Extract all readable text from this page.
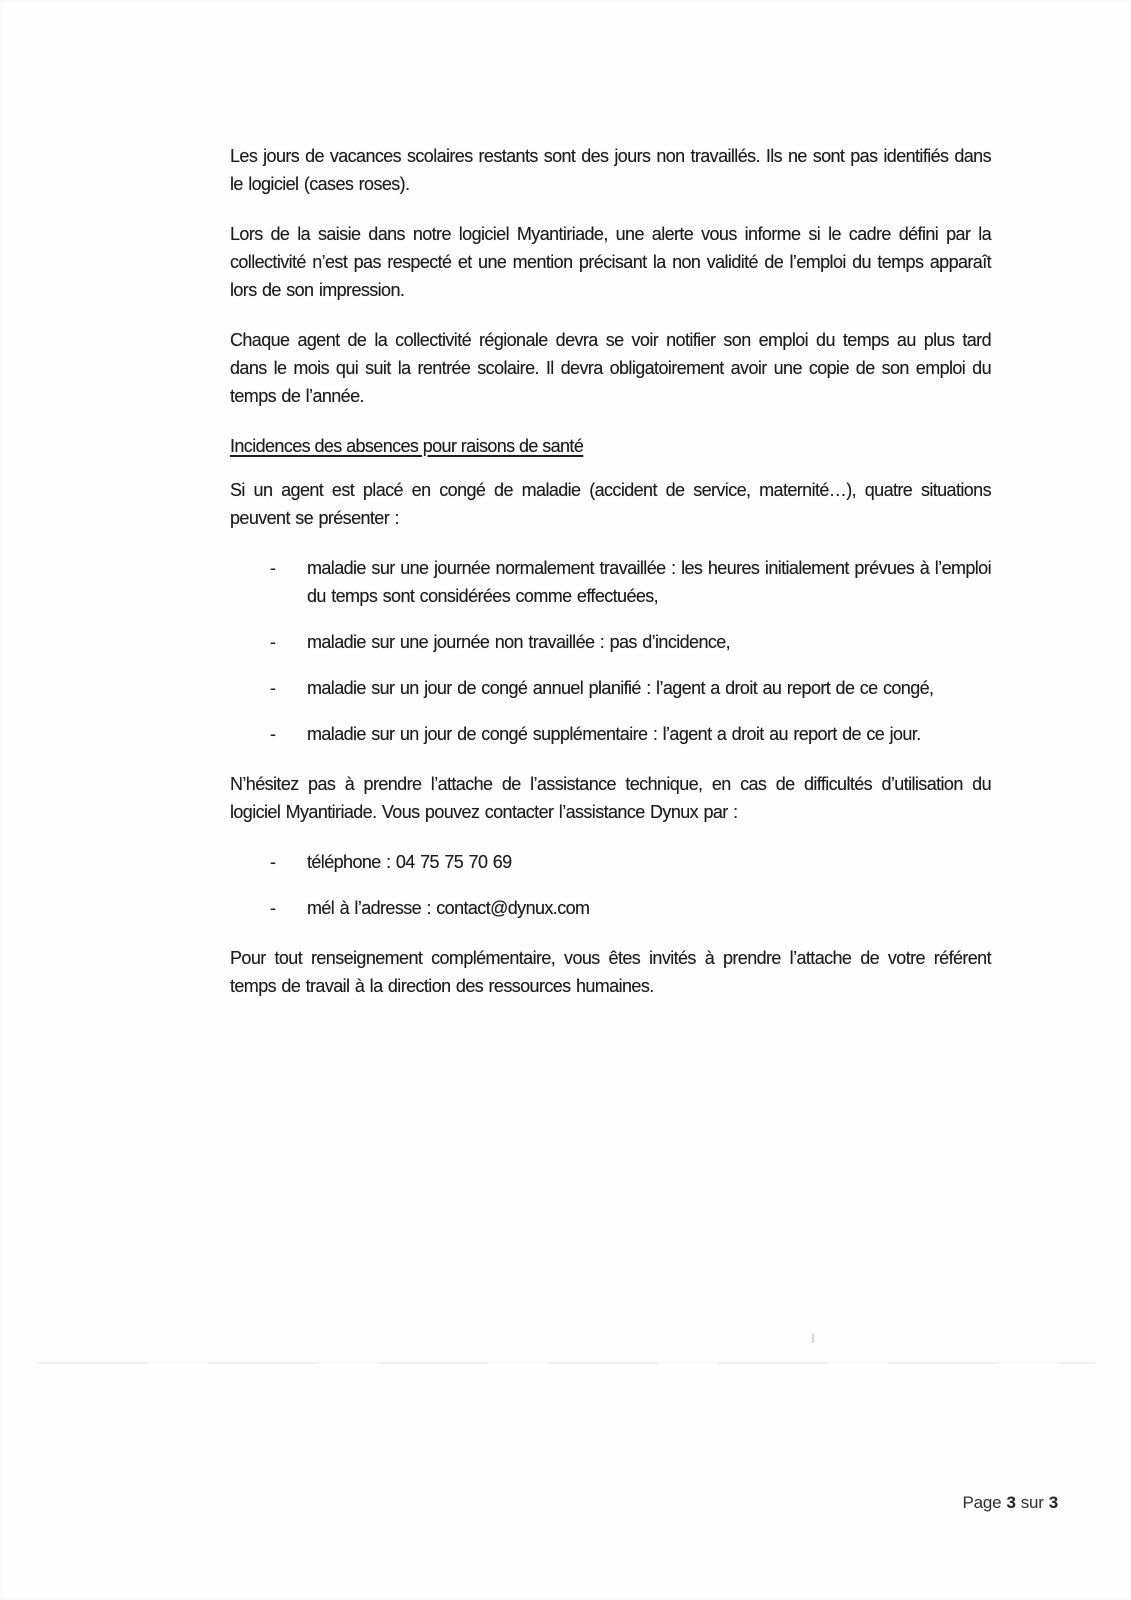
Les jours de vacances scolaires restants sont des jours non travaillés. Ils ne sont pas identifiés dans le logiciel (cases roses).

Lors de la saisie dans notre logiciel Myantiriade, une alerte vous informe si le cadre défini par la collectivité n’est pas respecté et une mention précisant la non validité de l’emploi du temps apparaît lors de son impression.

Chaque agent de la collectivité régionale devra se voir notifier son emploi du temps au plus tard dans le mois qui suit la rentrée scolaire. Il devra obligatoirement avoir une copie de son emploi du temps de l’année.

Incidences des absences pour raisons de santé

Si un agent est placé en congé de maladie (accident de service, maternité…), quatre situations peuvent se présenter :

- maladie sur une journée normalement travaillée : les heures initialement prévues à l’emploi du temps sont considérées comme effectuées,
- maladie sur une journée non travaillée : pas d’incidence,
- maladie sur un jour de congé annuel planifié : l’agent a droit au report de ce congé,
- maladie sur un jour de congé supplémentaire : l’agent a droit au report de ce jour.

N’hésitez pas à prendre l’attache de l’assistance technique, en cas de difficultés d’utilisation du logiciel Myantiriade. Vous pouvez contacter l’assistance Dynux par :

- téléphone : 04 75 75 70 69
- mél à l’adresse : contact@dynux.com

Pour tout renseignement complémentaire, vous êtes invités à prendre l’attache de votre référent temps de travail à la direction des ressources humaines.

Page 3 sur 3
